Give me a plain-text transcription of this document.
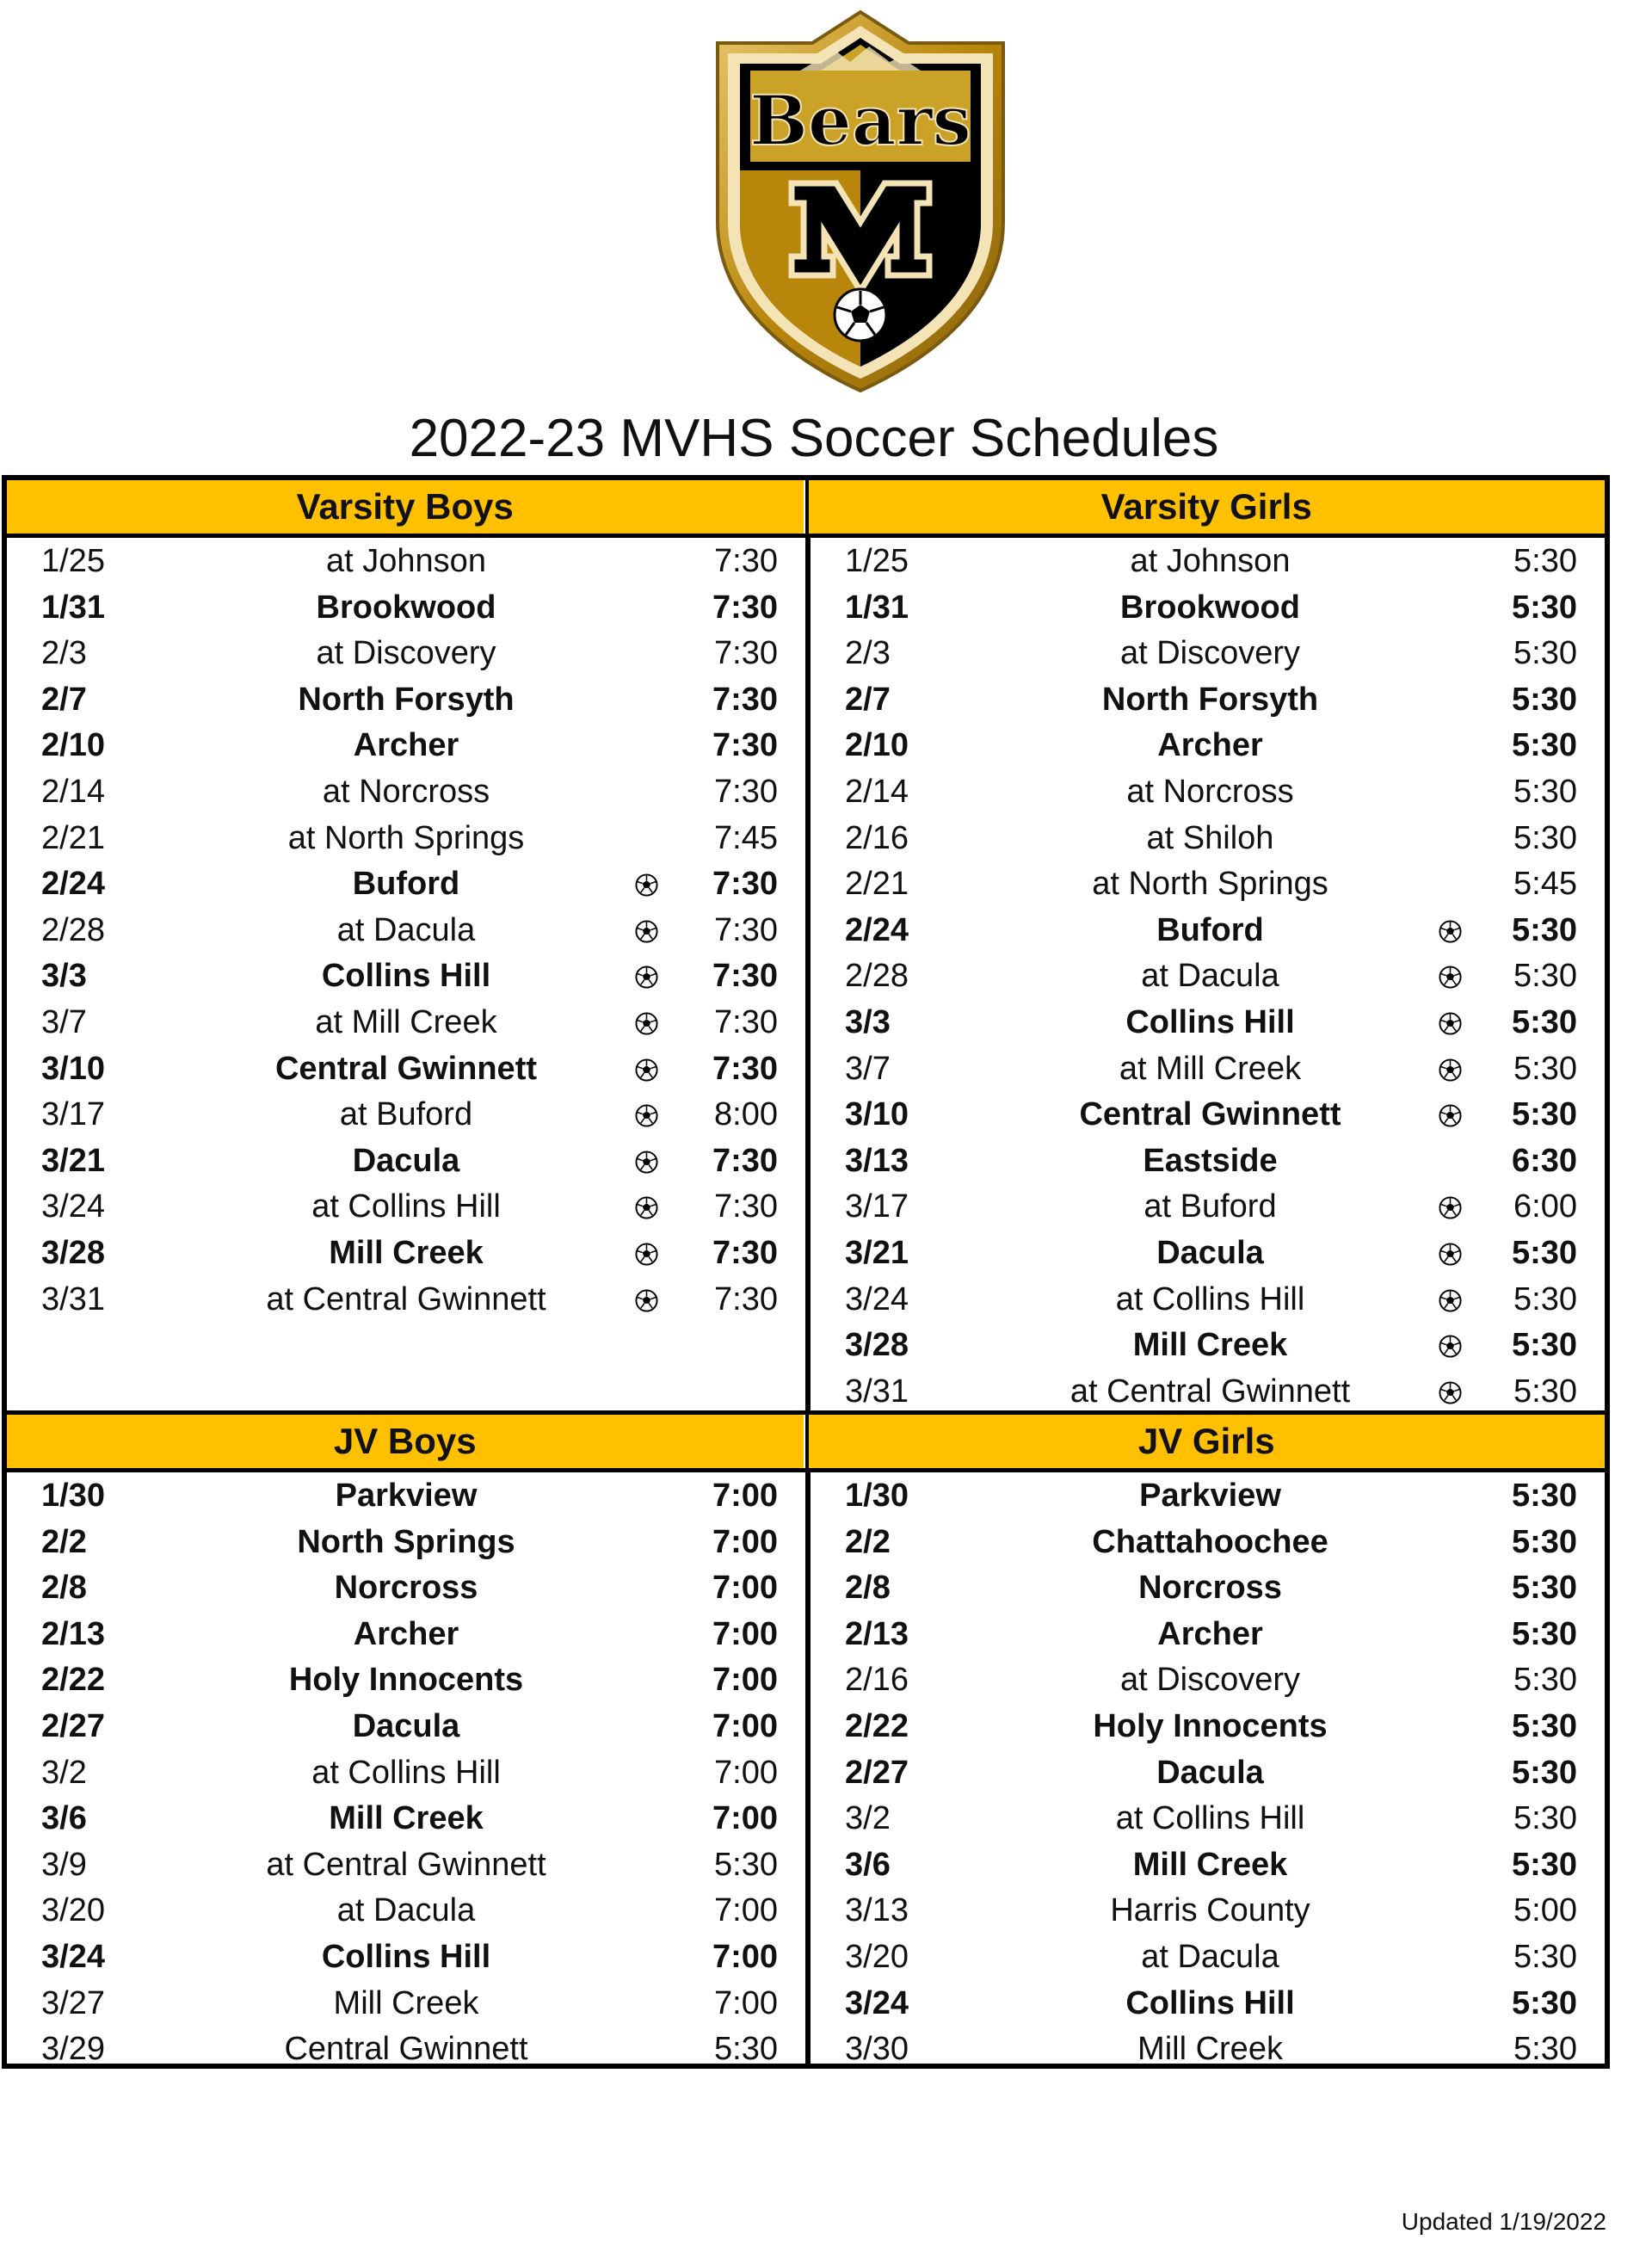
Bears
2022-23 MVHS Soccer Schedules
Varsity Boys	Varsity Girls
1/25	at Johnson	7:30
1/31	Brookwood	7:30
2/3	at Discovery	7:30
2/7	North Forsyth	7:30
2/10	Archer	7:30
2/14	at Norcross	7:30
2/21	at North Springs	7:45
2/24	Buford	7:30
2/28	at Dacula	7:30
3/3	Collins Hill	7:30
3/7	at Mill Creek	7:30
3/10	Central Gwinnett	7:30
3/17	at Buford	8:00
3/21	Dacula	7:30
3/24	at Collins Hill	7:30
3/28	Mill Creek	7:30
3/31	at Central Gwinnett	7:30
1/25	at Johnson	5:30
1/31	Brookwood	5:30
2/3	at Discovery	5:30
2/7	North Forsyth	5:30
2/10	Archer	5:30
2/14	at Norcross	5:30
2/16	at Shiloh	5:30
2/21	at North Springs	5:45
2/24	Buford	5:30
2/28	at Dacula	5:30
3/3	Collins Hill	5:30
3/7	at Mill Creek	5:30
3/10	Central Gwinnett	5:30
3/13	Eastside	6:30
3/17	at Buford	6:00
3/21	Dacula	5:30
3/24	at Collins Hill	5:30
3/28	Mill Creek	5:30
3/31	at Central Gwinnett	5:30
JV Boys	JV Girls
1/30	Parkview	7:00
2/2	North Springs	7:00
2/8	Norcross	7:00
2/13	Archer	7:00
2/22	Holy Innocents	7:00
2/27	Dacula	7:00
3/2	at Collins Hill	7:00
3/6	Mill Creek	7:00
3/9	at Central Gwinnett	5:30
3/20	at Dacula	7:00
3/24	Collins Hill	7:00
3/27	Mill Creek	7:00
3/29	Central Gwinnett	5:30
1/30	Parkview	5:30
2/2	Chattahoochee	5:30
2/8	Norcross	5:30
2/13	Archer	5:30
2/16	at Discovery	5:30
2/22	Holy Innocents	5:30
2/27	Dacula	5:30
3/2	at Collins Hill	5:30
3/6	Mill Creek	5:30
3/13	Harris County	5:00
3/20	at Dacula	5:30
3/24	Collins Hill	5:30
3/30	Mill Creek	5:30
Updated 1/19/2022
